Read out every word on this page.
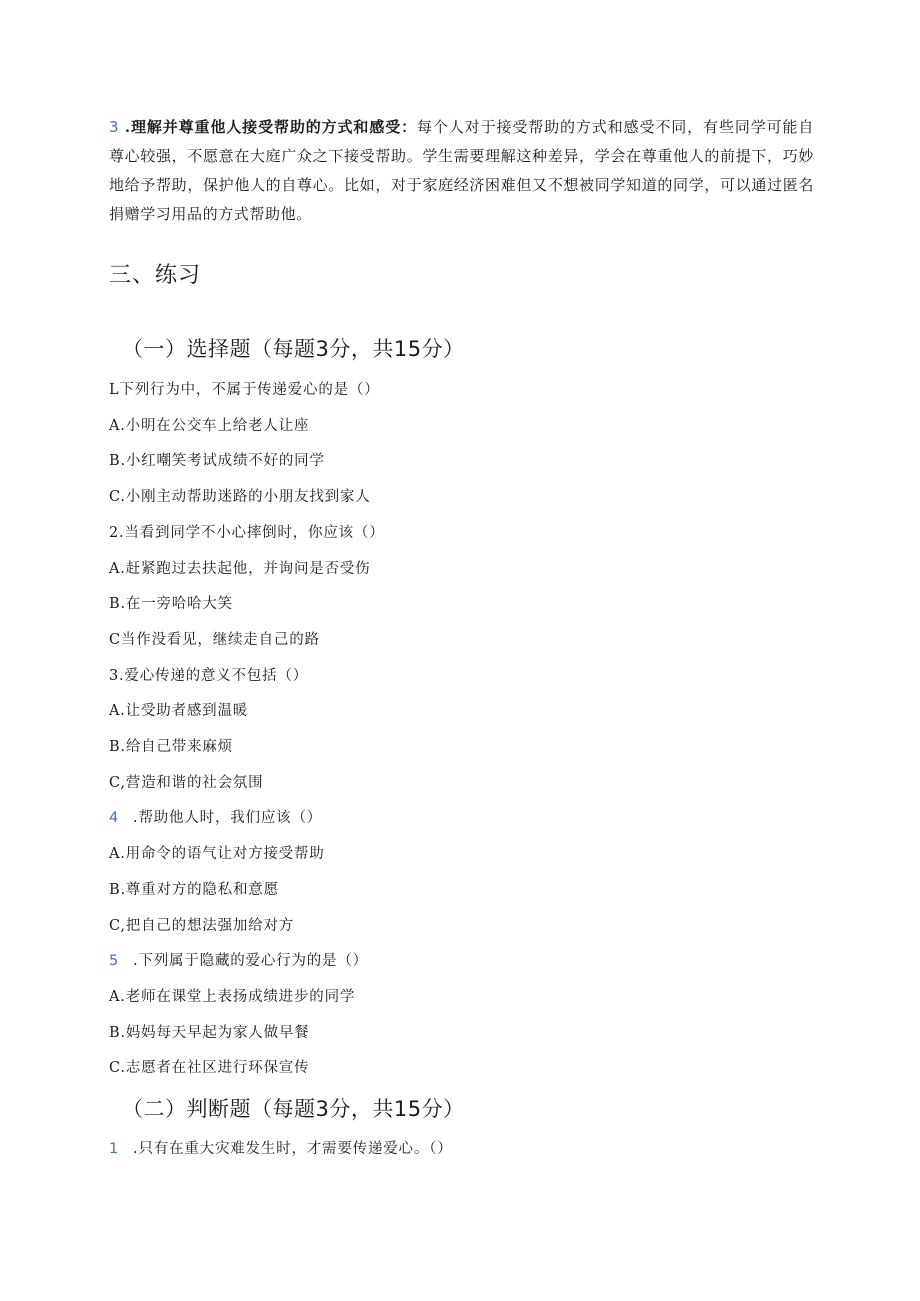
3 .理解并尊重他人接受帮助的方式和感受：每个人对于接受帮助的方式和感受不同，有些同学可能自尊心较强，不愿意在大庭广众之下接受帮助。学生需要理解这种差异，学会在尊重他人的前提下，巧妙地给予帮助，保护他人的自尊心。比如，对于家庭经济困难但又不想被同学知道的同学，可以通过匿名捐赠学习用品的方式帮助他。
三、练习
（一）选择题（每题3分，共15分）
L下列行为中，不属于传递爱心的是（）
A.小明在公交车上给老人让座
B.小红嘲笑考试成绩不好的同学
C.小刚主动帮助迷路的小朋友找到家人
2.当看到同学不小心摔倒时，你应该（）
A.赶紧跑过去扶起他，并询问是否受伤
B.在一旁哈哈大笑
C当作没看见，继续走自己的路
3.爱心传递的意义不包括（）
A.让受助者感到温暖
B.给自己带来麻烦
C,营造和谐的社会氛围
4 .帮助他人时，我们应该（）
A.用命令的语气让对方接受帮助
B.尊重对方的隐私和意愿
C,把自己的想法强加给对方
5 .下列属于隐藏的爱心行为的是（）
A.老师在课堂上表扬成绩进步的同学
B.妈妈每天早起为家人做早餐
C.志愿者在社区进行环保宣传
（二）判断题（每题3分，共15分）
1 .只有在重大灾难发生时，才需要传递爱心。（）
